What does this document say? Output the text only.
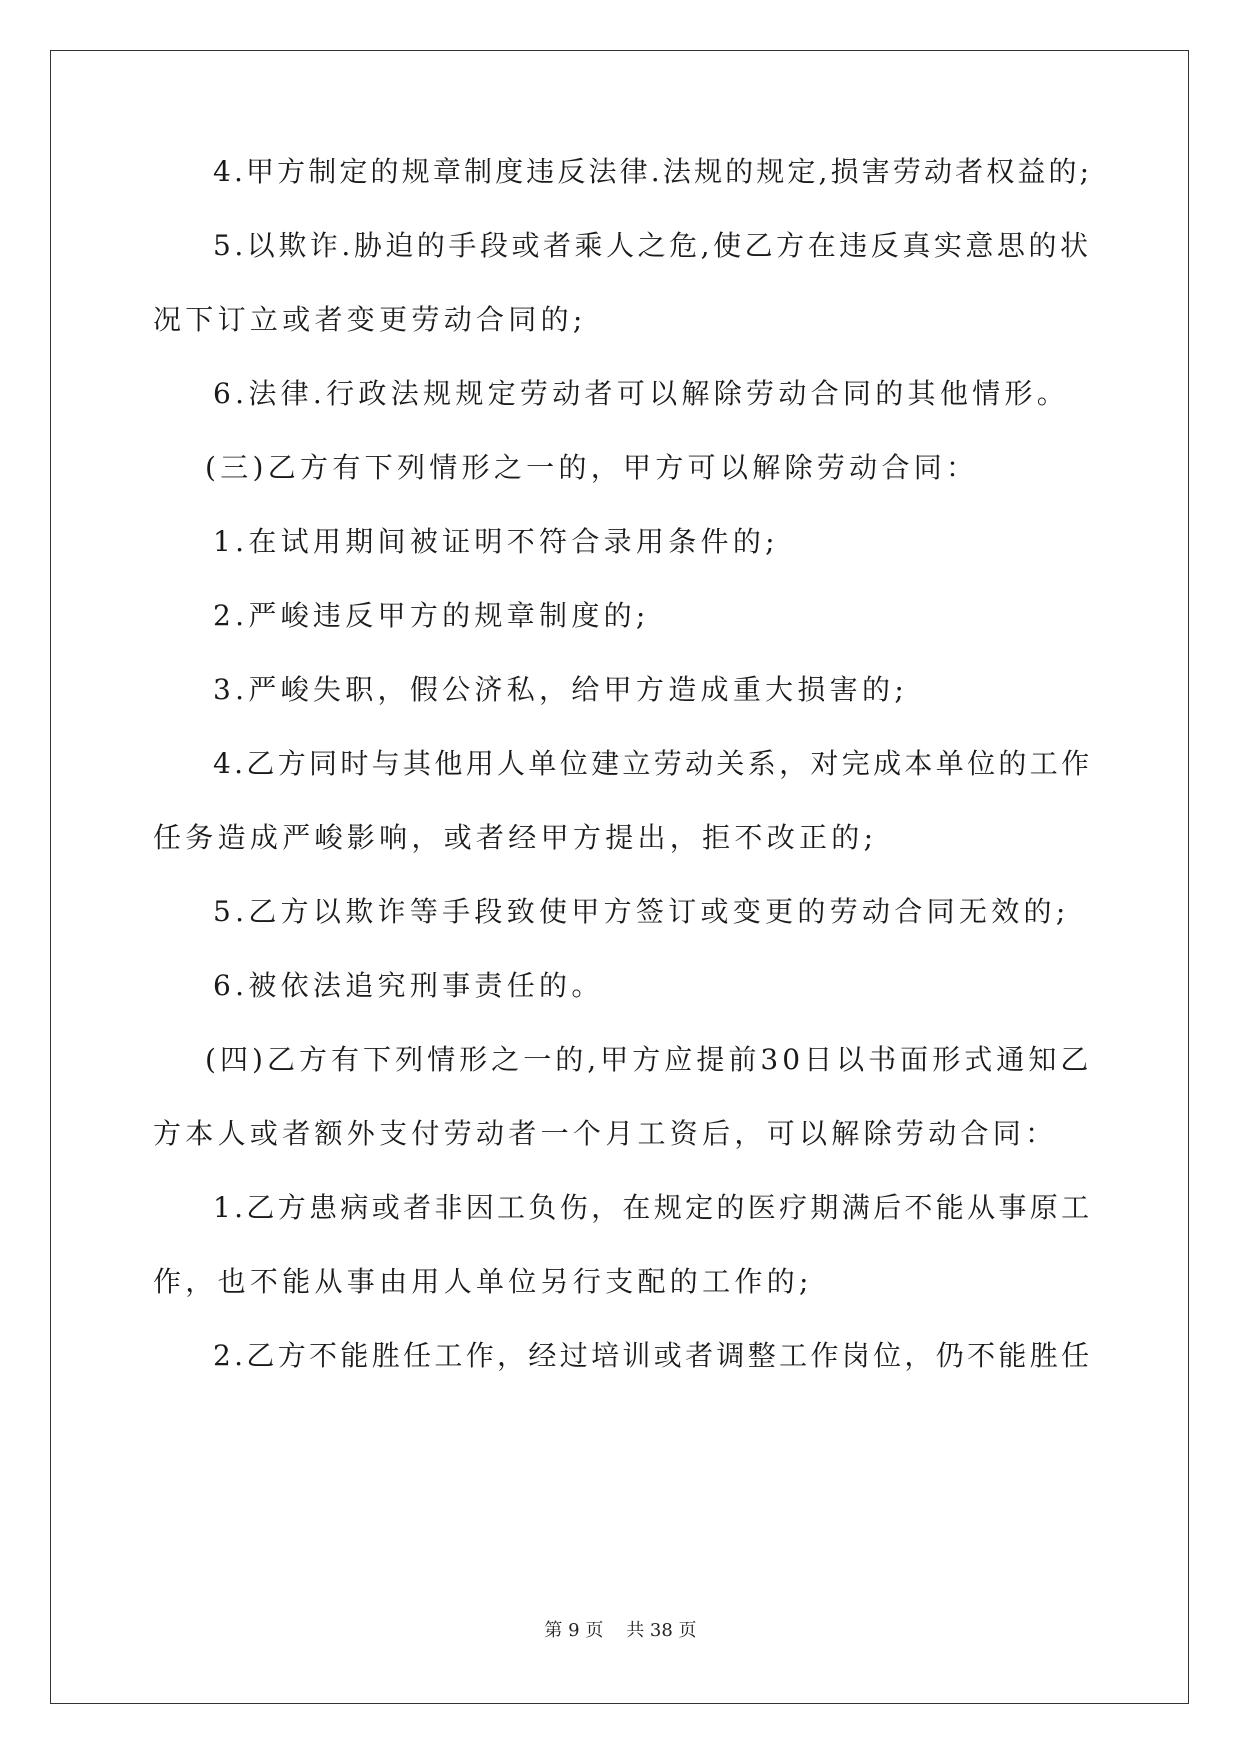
4.甲方制定的规章制度违反法律.法规的规定,损害劳动者权益的;
5.以欺诈.胁迫的手段或者乘人之危,使乙方在违反真实意思的状
况下订立或者变更劳动合同的;
6.法律.行政法规规定劳动者可以解除劳动合同的其他情形。
(三)乙方有下列情形之一的，甲方可以解除劳动合同：
1.在试用期间被证明不符合录用条件的;
2.严峻违反甲方的规章制度的;
3.严峻失职，假公济私，给甲方造成重大损害的;
4.乙方同时与其他用人单位建立劳动关系，对完成本单位的工作
任务造成严峻影响，或者经甲方提出，拒不改正的;
5.乙方以欺诈等手段致使甲方签订或变更的劳动合同无效的;
6.被依法追究刑事责任的。
(四)乙方有下列情形之一的,甲方应提前30日以书面形式通知乙
方本人或者额外支付劳动者一个月工资后，可以解除劳动合同：
1.乙方患病或者非因工负伤，在规定的医疗期满后不能从事原工
作，也不能从事由用人单位另行支配的工作的;
2.乙方不能胜任工作，经过培训或者调整工作岗位，仍不能胜任
第 9 页    共 38 页
